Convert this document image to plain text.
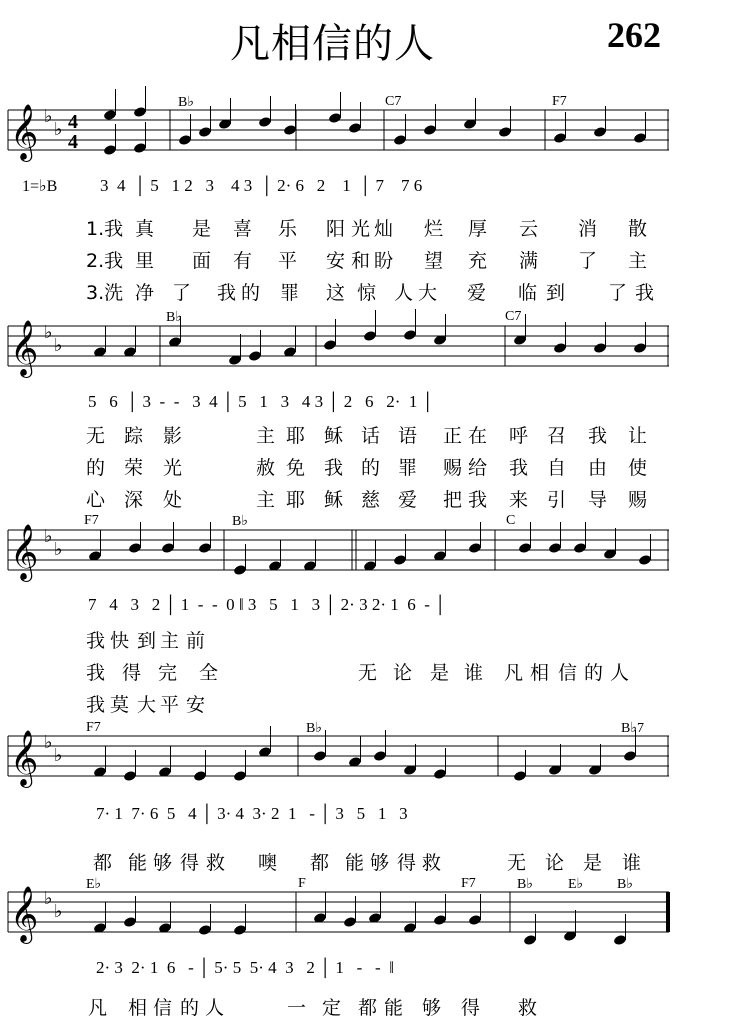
凡相信的人	262
𝄞 ♭
♭
𝄞 ♭
♭
𝄞 ♭
♭
𝄞 ♭
♭
𝄞 ♭
♭
4
4
B♭	C7	F7
B♭	C7
F7	B♭	C
F7	B♭	B♭7
E♭	F	F7	B♭	E♭ B♭
1=♭B	3  4  │ 5   1 2   3    4 3  │ 2· 6   2    1  │ 7    7 6
5   6  │ 3  -  -   3  4 │ 5   1   3   4 3 │ 2   6   2·  1 │
7   4   3   2 │ 1  -  -  0 ‖ 3   5   1   3 │ 2· 3 2· 1  6  - │
7· 1  7· 6  5   4 │ 3· 4  3· 2  1   - │ 3   5   1   3
2· 3  2· 1  6   - │ 5· 5  5· 4  3   2 │ 1   -   -  ‖
1.我 真 是 喜 乐 阳 光 灿 烂 厚 云 消 散
2.我 里 面 有 平 安 和 盼 望 充 满 了 主
3.洗 净 了 我 的 罪 这 惊 人 大 爱 临 到 了 我
无 踪 影	主 耶 稣 话 语 正 在 呼 召 我 让
的 荣 光	赦 免 我 的 罪 赐 给 我 自 由 使
心 深 处	主 耶 稣 慈 爱 把 我 来 引 导 赐
我 快 到 主 前
我 得 完 全	无 论 是 谁 凡 相 信 的 人
我 莫 大 平 安
都 能 够 得 救 噢 都 能 够 得 救	无 论 是 谁
凡 相 信 的 人	一 定 都 能 够 得 救
